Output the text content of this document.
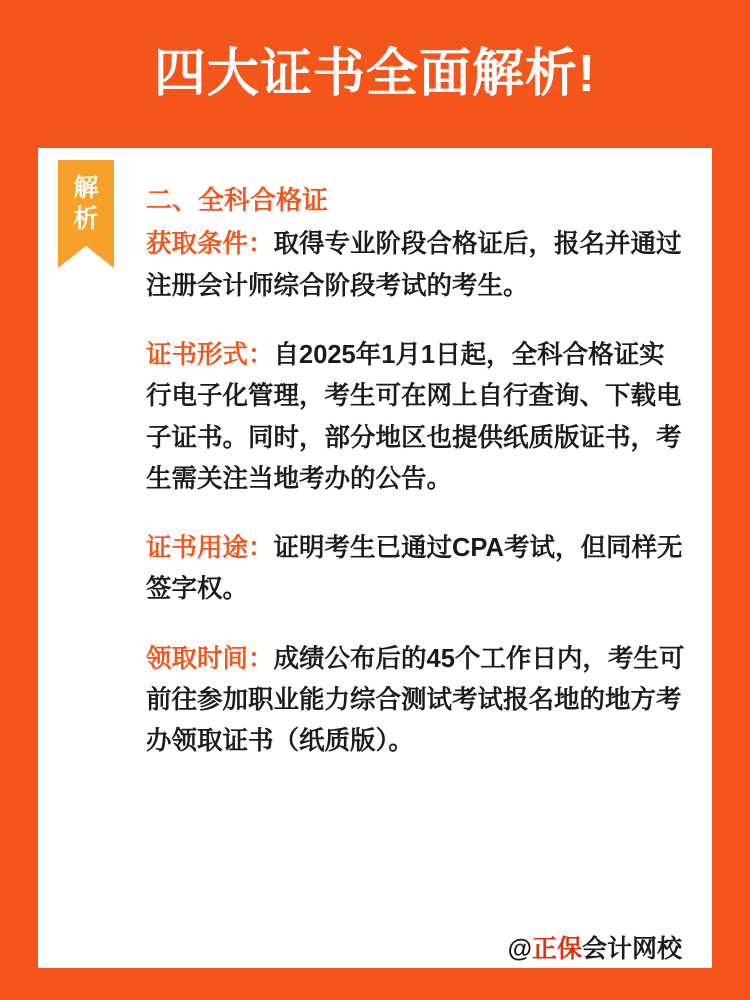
四大证书全面解析!
解
析
二、全科合格证

获取条件：取得专业阶段合格证后，报名并通过注册会计师综合阶段考试的考生。

证书形式：自2025年1月1日起，全科合格证实行电子化管理，考生可在网上自行查询、下载电子证书。同时，部分地区也提供纸质版证书，考生需关注当地考办的公告。

证书用途：证明考生已通过CPA考试，但同样无签字权。

领取时间：成绩公布后的45个工作日内，考生可前往参加职业能力综合测试考试报名地的地方考办领取证书（纸质版）。

@ 正保 会计网校
